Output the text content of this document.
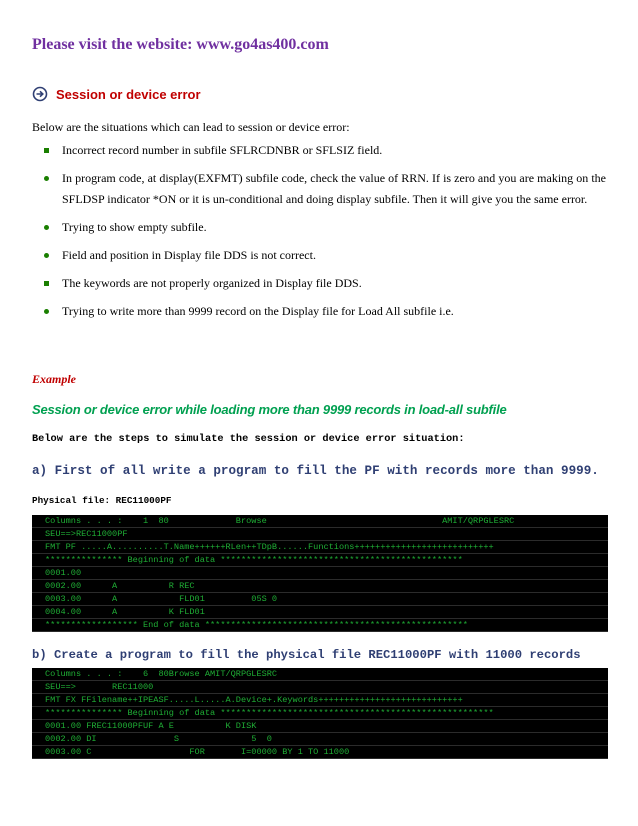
Please visit the website: www.go4as400.com
Session or device error
Below are the situations which can lead to session or device error:
Incorrect record number in subfile SFLRCDNBR or SFLSIZ field.
In program code, at display(EXFMT) subfile code, check the value of RRN. If is zero and you are making on the SFLDSP indicator *ON or it is un-conditional and doing display subfile. Then it will give you the same error.
Trying to show empty subfile.
Field and position in Display file DDS is not correct.
The keywords are not properly organized in Display file DDS.
Trying to write more than 9999 record on the Display file for Load All subfile i.e.
Example
Session or device error while loading more than 9999 records in load-all subfile
Below are the steps to simulate the session or device error situation:
a) First of all write a program to fill the PF with records more than 9999.
Physical file: REC11000PF
Columns . . . :    1  80             Browse                                  AMIT/QRPGLESRC
SEU==>REC11000PF
FMT PF .....A..........T.Name++++++RLen++TDpB......Functions+++++++++++++++++++++++++++
*************** Beginning of data ***********************************************
0001.00
0002.00      A          R REC
0003.00      A            FLD01         05S 0
0004.00      A          K FLD01
****************** End of data ***************************************************
b) Create a program to fill the physical file REC11000PF with 11000 records
Columns . . . :    6  80Browse AMIT/QRPGLESRC
SEU==>       REC11000
FMT FX FFilename++IPEASF.....L.....A.Device+.Keywords++++++++++++++++++++++++++++
*************** Beginning of data *****************************************************
0001.00 FREC11000PFUF A E          K DISK
0002.00 DI               S              5  0
0003.00 C                   FOR       I=00000 BY 1 TO 11000
